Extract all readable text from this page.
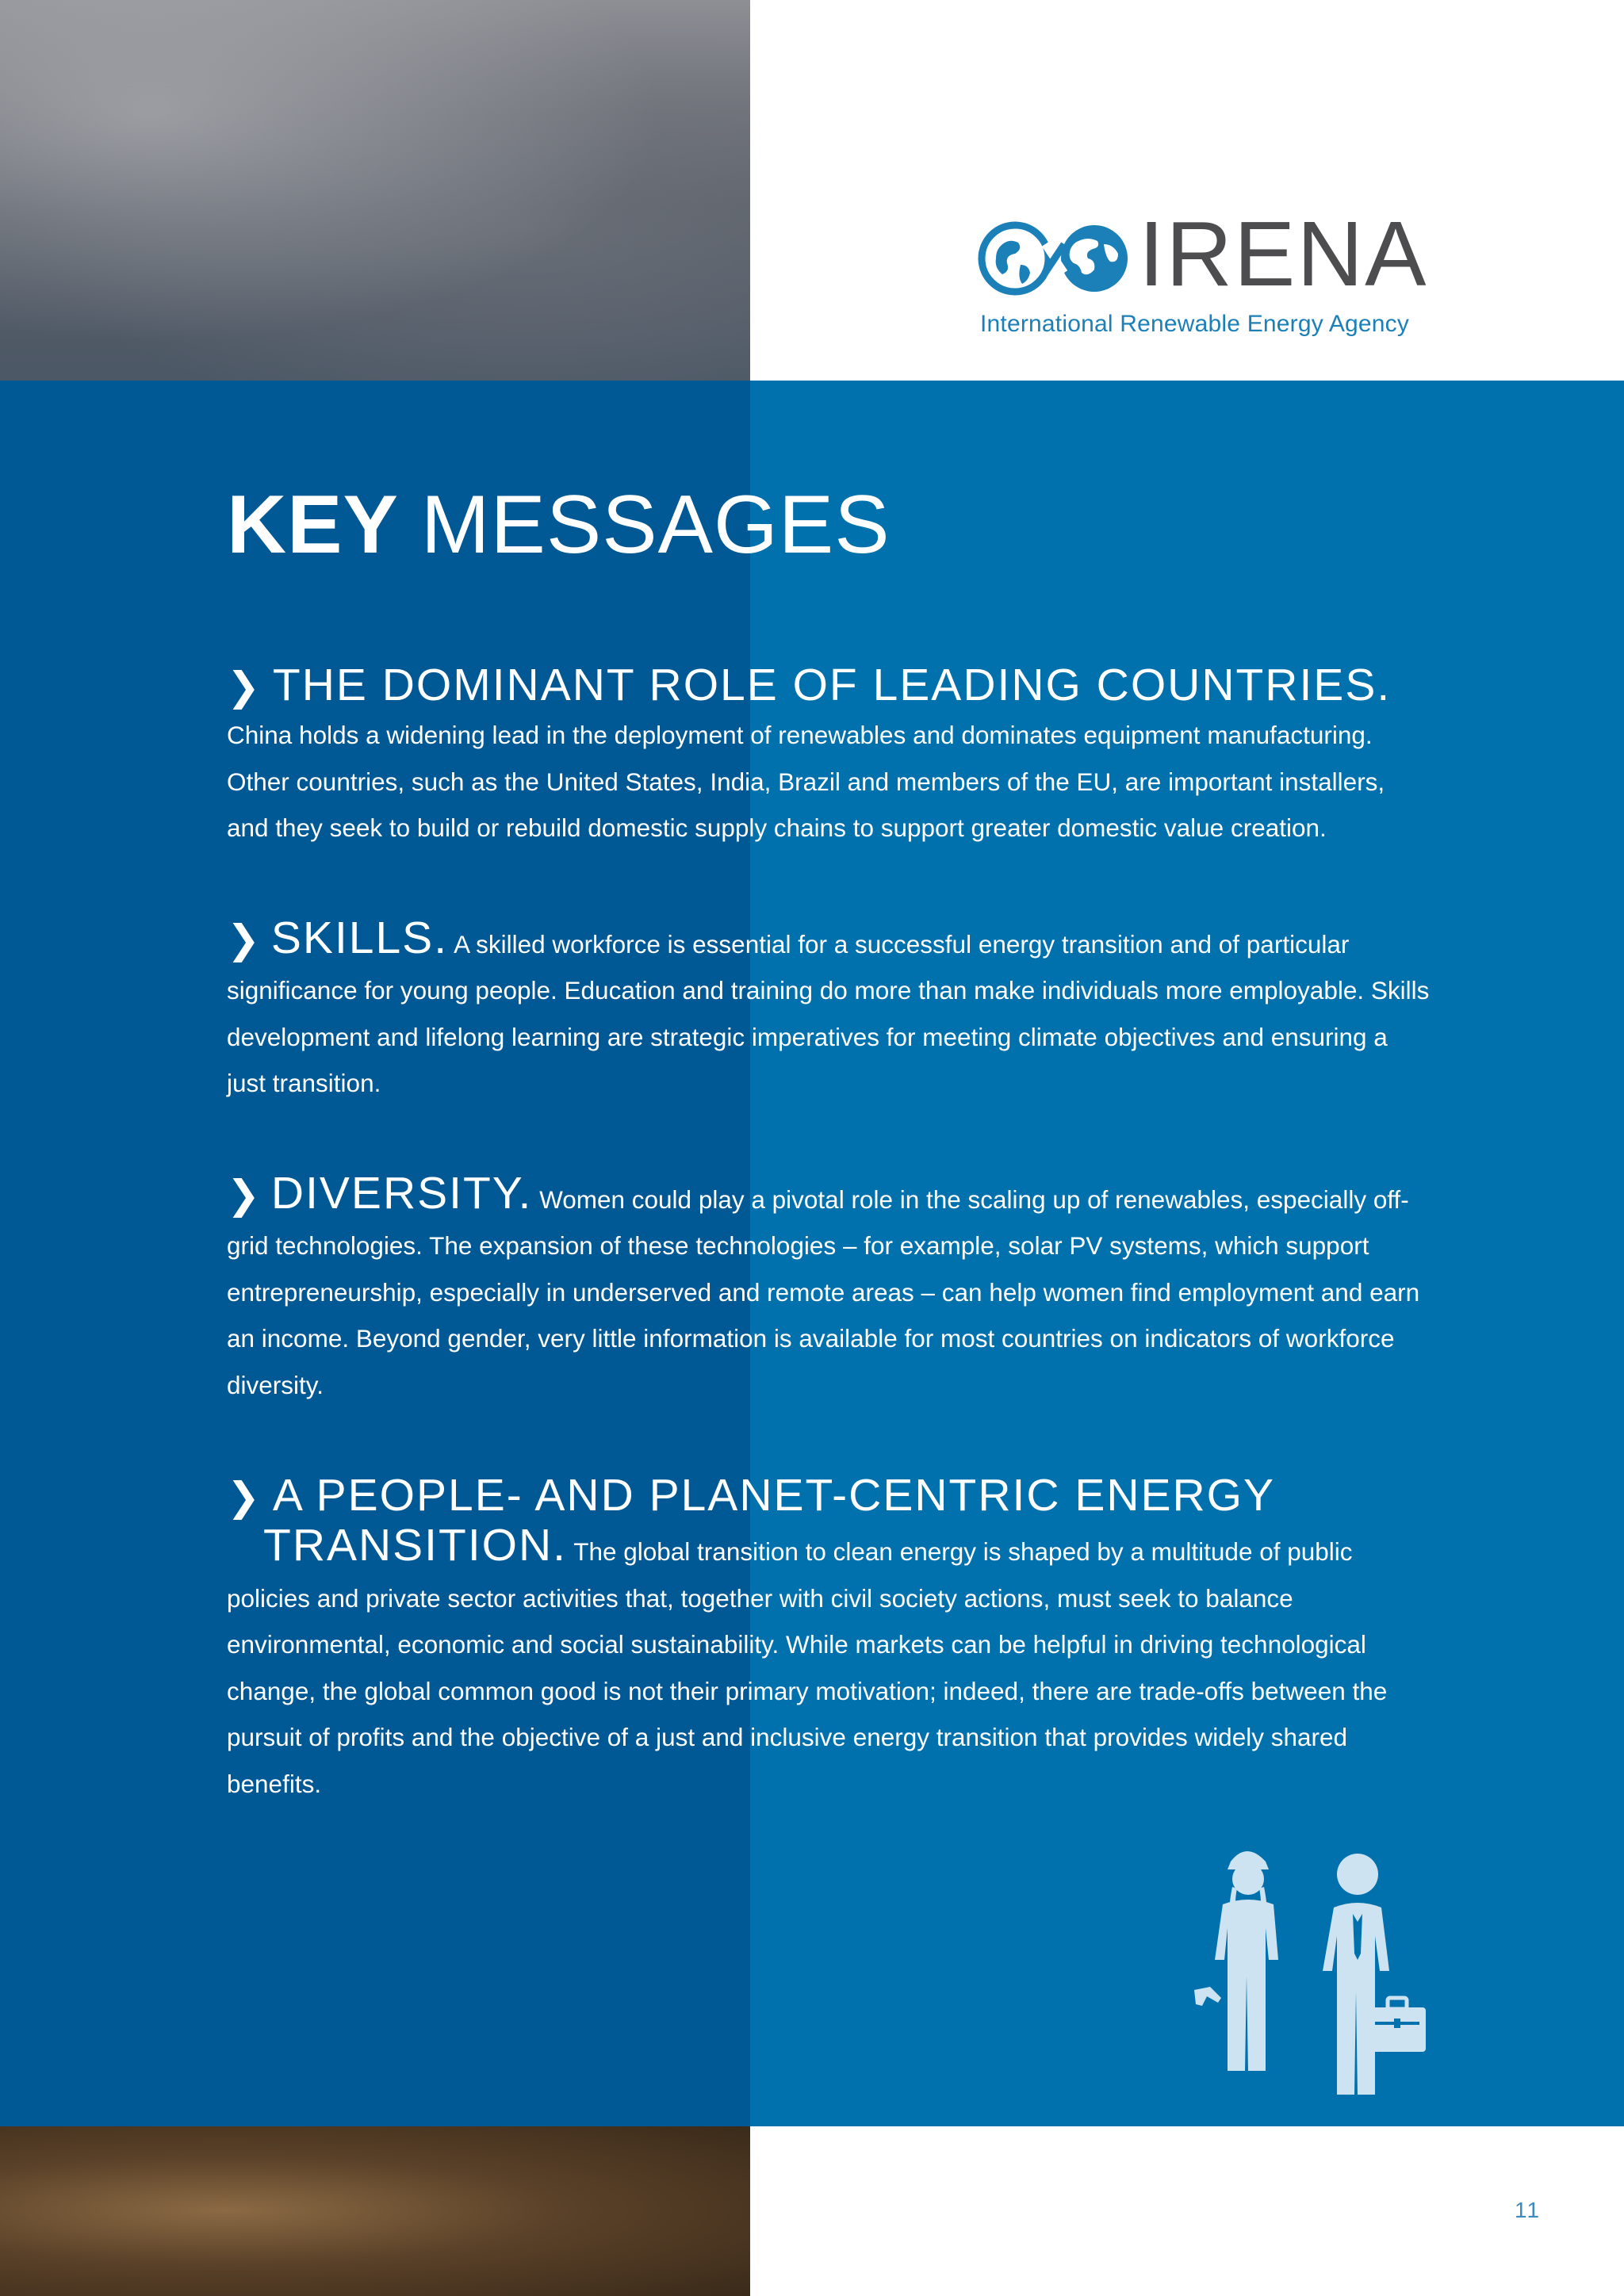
IRENA
International Renewable Energy Agency
KEY MESSAGES
❯ THE DOMINANT ROLE OF LEADING COUNTRIES.

China holds a widening lead in the deployment of renewables and dominates equipment manufacturing. Other countries, such as the United States, India, Brazil and members of the EU, are important installers, and they seek to build or rebuild domestic supply chains to support greater domestic value creation.

❯ SKILLS. A skilled workforce is essential for a successful energy transition and of particular significance for young people. Education and training do more than make individuals more employable. Skills development and lifelong learning are strategic imperatives for meeting climate objectives and ensuring a just transition.

❯ DIVERSITY. Women could play a pivotal role in the scaling up of renewables, especially off-grid technologies. The expansion of these technologies – for example, solar PV systems, which support entrepreneurship, especially in underserved and remote areas – can help women find employment and earn an income. Beyond gender, very little information is available for most countries on indicators of workforce diversity.

❯ A PEOPLE- AND PLANET-CENTRIC ENERGY

TRANSITION. The global transition to clean energy is shaped by a multitude of public policies and private sector activities that, together with civil society actions, must seek to balance environmental, economic and social sustainability. While markets can be helpful in driving technological change, the global common good is not their primary motivation; indeed, there are trade-offs between the pursuit of profits and the objective of a just and inclusive energy transition that provides widely shared benefits.

11
